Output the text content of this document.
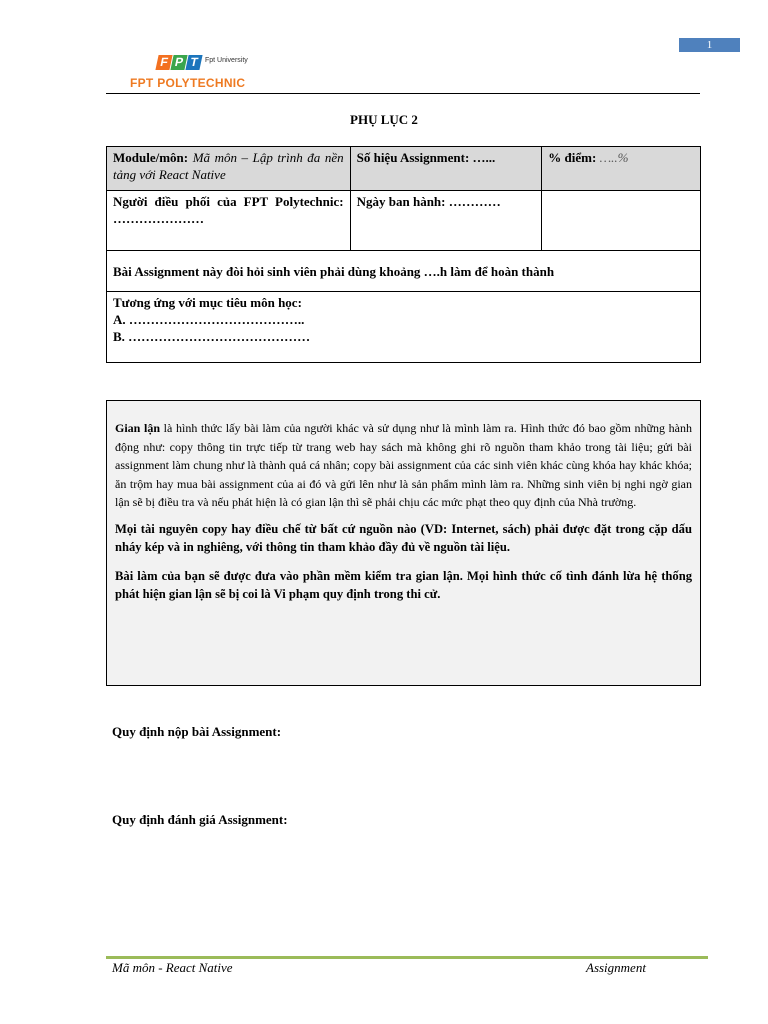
1
F P T Fpt University
FPT POLYTECHNIC
PHỤ LỤC 2
Module/môn: Mã môn – Lập trình đa nền tảng với React Native	Số hiệu Assignment: …...	% điểm: …..%
Người điều phối của FPT Polytechnic: …………………	Ngày ban hành: …………	
Bài Assignment này đòi hỏi sinh viên phải dùng khoảng ….h làm để hoàn thành		

Tương ứng với mục tiêu môn học:
A. …………………………………..
B. ……………………………………		

Gian lận là hình thức lấy bài làm của người khác và sử dụng như là mình làm ra. Hình thức đó bao gồm những hành động như: copy thông tin trực tiếp từ trang web hay sách mà không ghi rõ nguồn tham khảo trong tài liệu; gửi bài assignment làm chung như là thành quả cá nhân; copy bài assignment của các sinh viên khác cùng khóa hay khác khóa; ăn trộm hay mua bài assignment của ai đó và gửi lên như là sản phẩm mình làm ra. Những sinh viên bị nghi ngờ gian lận sẽ bị điều tra và nếu phát hiện là có gian lận thì sẽ phải chịu các mức phạt theo quy định của Nhà trường.

Mọi tài nguyên copy hay điều chế từ bất cứ nguồn nào (VD: Internet, sách) phải được đặt trong cặp dấu nháy kép và in nghiêng, với thông tin tham khảo đầy đủ về nguồn tài liệu.

Bài làm của bạn sẽ được đưa vào phần mềm kiểm tra gian lận. Mọi hình thức cố tình đánh lừa hệ thống phát hiện gian lận sẽ bị coi là Vi phạm quy định trong thi cử.

Quy định nộp bài Assignment:
Quy định đánh giá Assignment:
Mã môn - React Native	Assignment
